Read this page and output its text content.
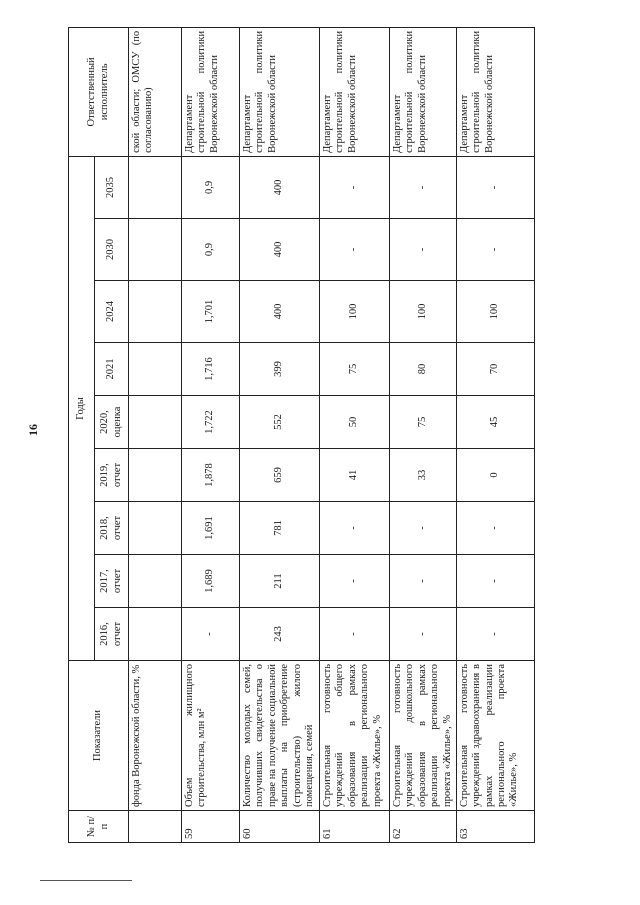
16
№ п/п	Показатели	Годы									Ответственный исполнитель
		2016, отчет	2017, отчет	2018, отчет	2019, отчет	2020, оценка	2021	2024	2030	2035	
	фонда Воронежской области, %										ской области; ОМСУ (по согласованию)
59	Объем жилищного строительства, млн м²	-	1,689	1,691	1,878	1,722	1,716	1,701	0,9	0,9	Департамент строительной политики Воронежской области
60	Количество молодых семей, получивших свидетельства о праве на получение социальной выплаты на приобретение (строительство) жилого помещения, семей	243	211	781	659	552	399	400	400	400	Департамент строительной политики Воронежской области
61	Строительная готовность учреждений общего образования в рамках реализации регионального проекта «Жилье», %	-	-	-	41	50	75	100	-	-	Департамент строительной политики Воронежской области
62	Строительная готовность учреждений дошкольного образования в рамках реализации регионального проекта «Жилье», %	-	-	-	33	75	80	100	-	-	Департамент строительной политики Воронежской области
63	Строительная готовность учреждений здравоохранения в рамках реализации регионального проекта «Жилье», %	-	-	-	0	45	70	100	-	-	Департамент строительной политики Воронежской области
